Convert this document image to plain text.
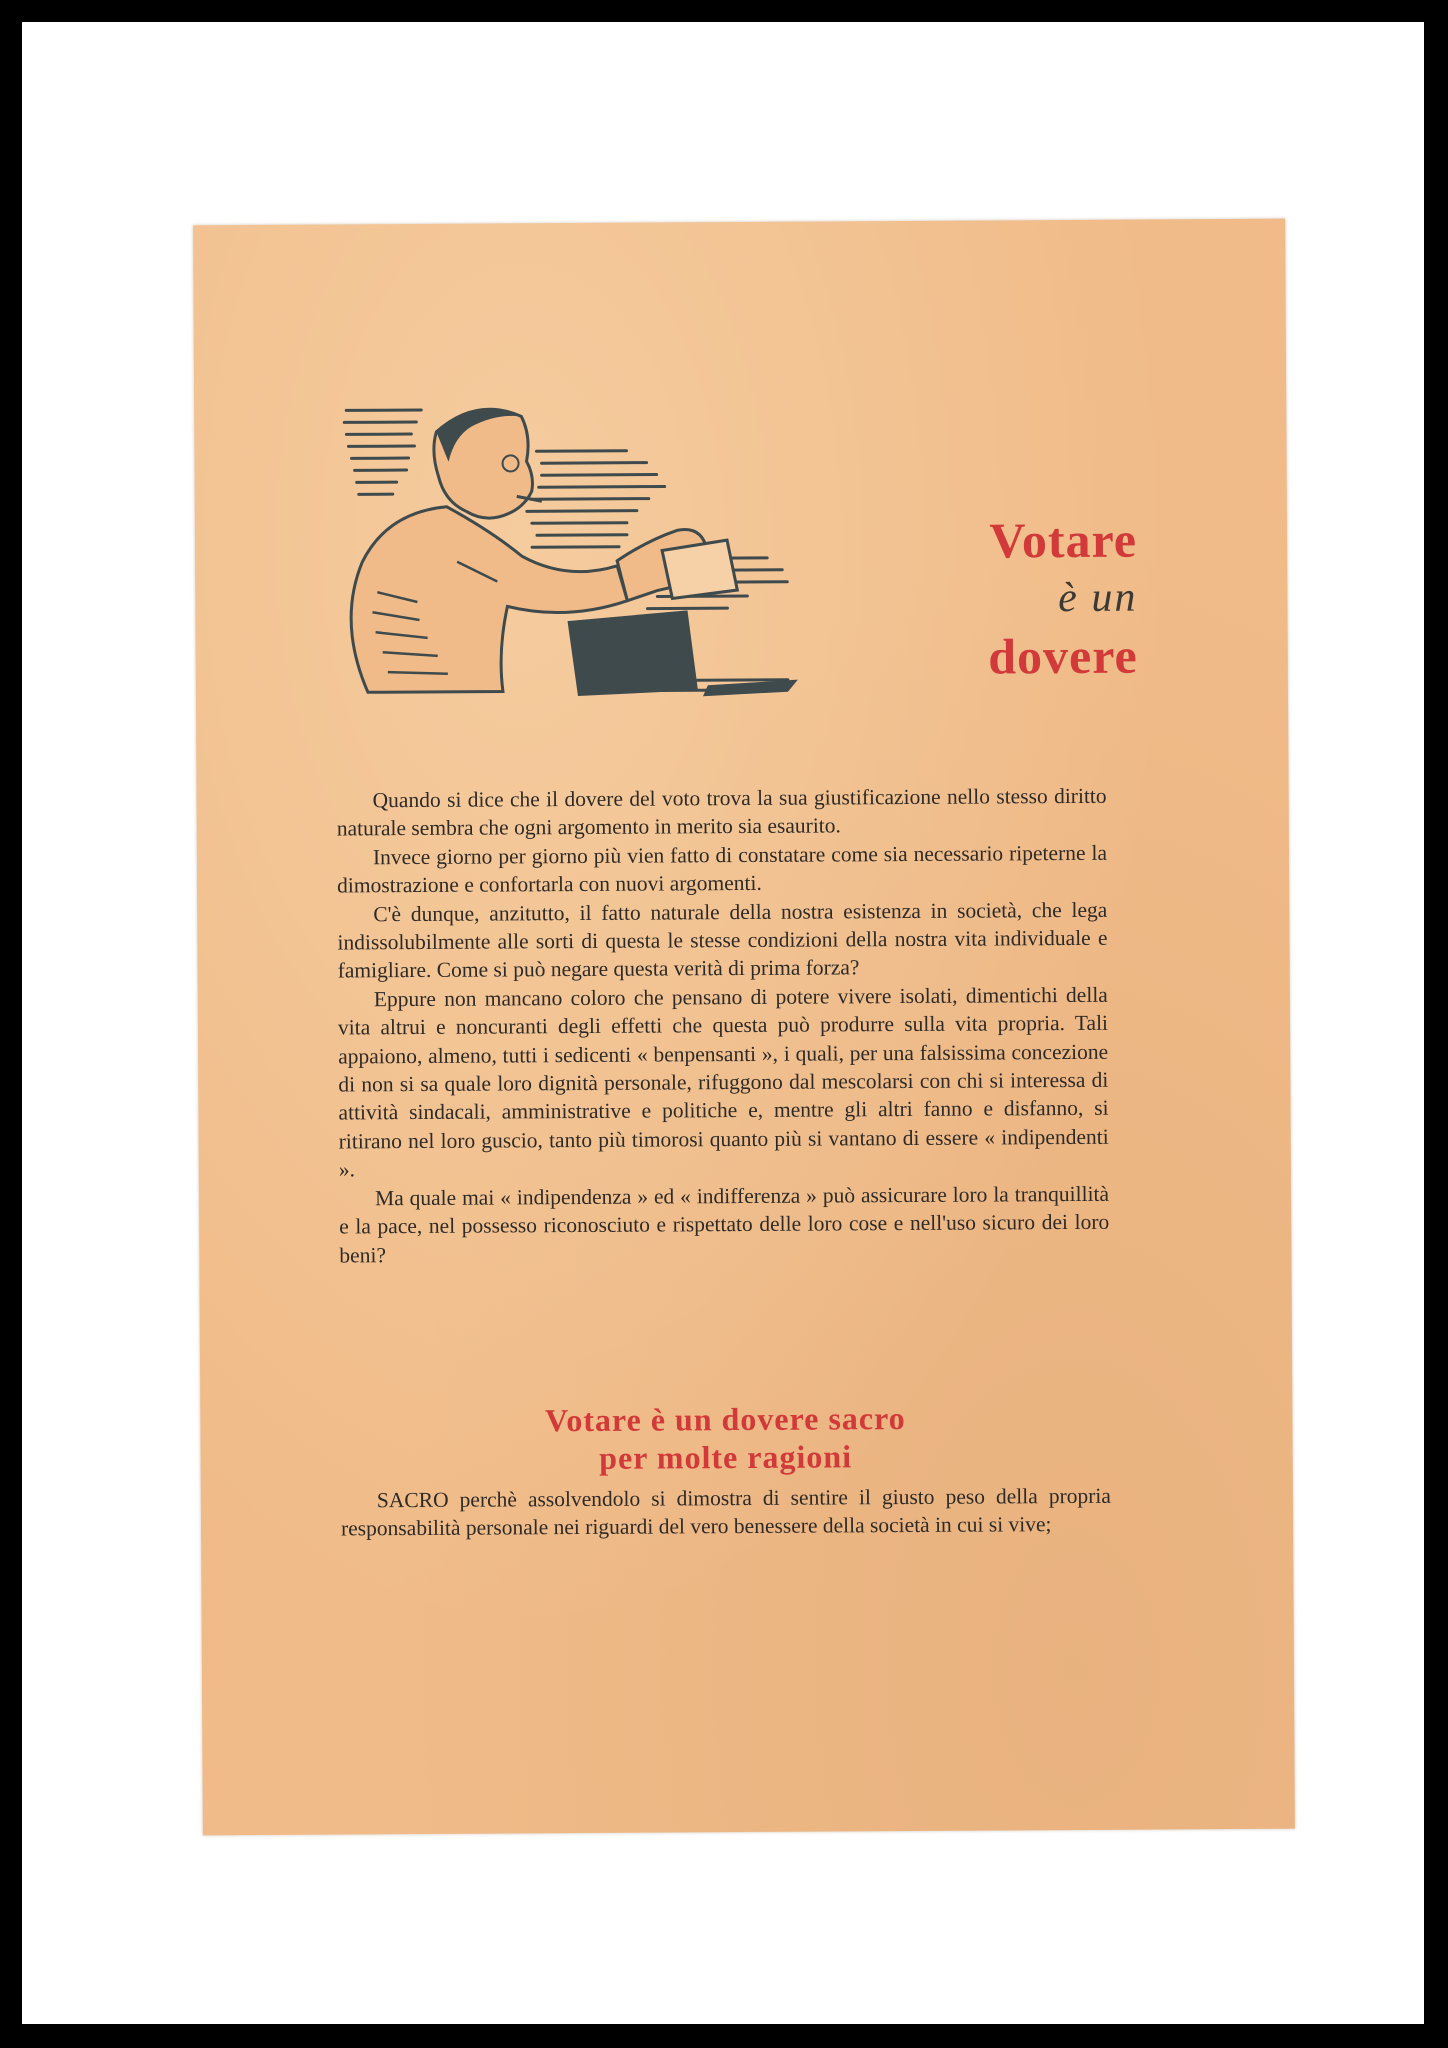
Votare
è un
dovere

Quando si dice che il dovere del voto trova la sua giustificazione nello stesso diritto naturale sembra che ogni argomento in merito sia esaurito.

Invece giorno per giorno più vien fatto di constatare come sia necessario ripeterne la dimostrazione e confortarla con nuovi argomenti.

C'è dunque, anzitutto, il fatto naturale della nostra esistenza in società, che lega indissolubilmente alle sorti di questa le stesse condizioni della nostra vita individuale e famigliare. Come si può negare questa verità di prima forza?

Eppure non mancano coloro che pensano di potere vivere isolati, dimentichi della vita altrui e noncuranti degli effetti che questa può produrre sulla vita propria. Tali appaiono, almeno, tutti i sedicenti « benpensanti », i quali, per una falsissima concezione di non si sa quale loro dignità personale, rifuggono dal mescolarsi con chi si interessa di attività sindacali, amministrative e politiche e, mentre gli altri fanno e disfanno, si ritirano nel loro guscio, tanto più timorosi quanto più si vantano di essere « indipendenti ».

Ma quale mai « indipendenza » ed « indifferenza » può assicurare loro la tranquillità e la pace, nel possesso riconosciuto e rispettato delle loro cose e nell'uso sicuro dei loro beni?

Votare è un dovere sacro
per molte ragioni

SACRO perchè assolvendolo si dimostra di sentire il giusto peso della propria responsabilità personale nei riguardi del vero benessere della società in cui si vive;
